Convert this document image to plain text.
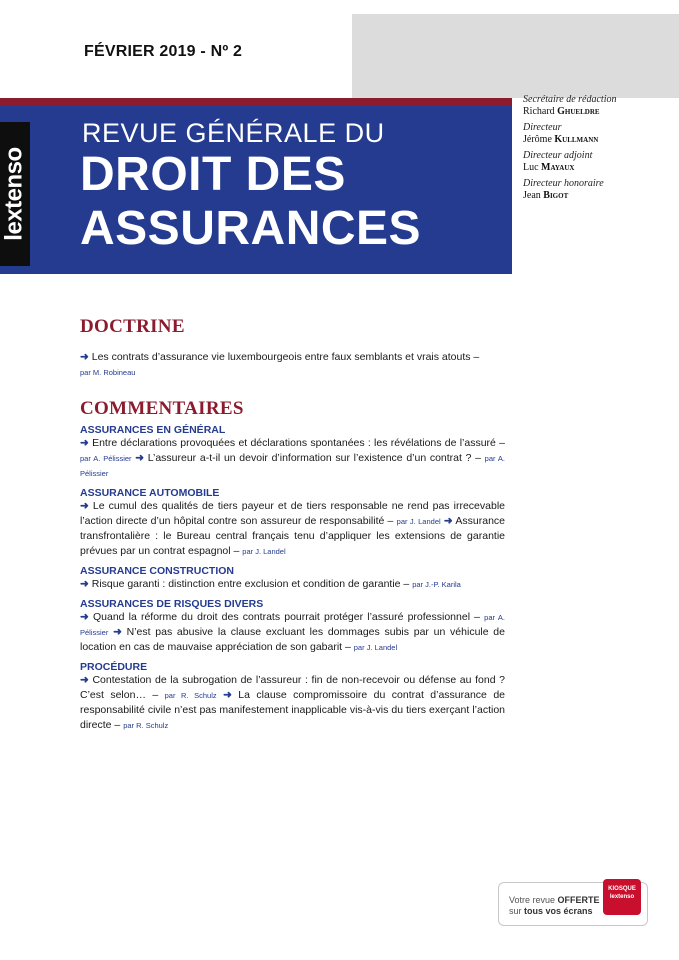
FÉVRIER 2019 - Nº 2
lextenso
REVUE GÉNÉRALE DU
DROIT DES
ASSURANCES
Secrétaire de rédaction
Richard Ghueldre
Directeur
Jérôme Kullmann
Directeur adjoint
Luc Mayaux
Directeur honoraire
Jean Bigot
DOCTRINE
➜ Les contrats d’assurance vie luxembourgeois entre faux semblants et vrais atouts –
par M. Robineau
COMMENTAIRES
ASSURANCES EN GÉNÉRAL
➜ Entre déclarations provoquées et déclarations spontanées : les révélations de l’assuré – par A. Pélissier ➜ L’assureur a-t-il un devoir d’information sur l’existence d’un contrat ? – par A. Pélissier
ASSURANCE AUTOMOBILE
➜ Le cumul des qualités de tiers payeur et de tiers responsable ne rend pas irrecevable l’action directe d’un hôpital contre son assureur de responsabilité – par J. Landel ➜ Assurance transfrontalière : le Bureau central français tenu d’appliquer les extensions de garantie prévues par un contrat espagnol – par J. Landel
ASSURANCE CONSTRUCTION
➜ Risque garanti : distinction entre exclusion et condition de garantie – par J.-P. Karila
ASSURANCES DE RISQUES DIVERS
➜ Quand la réforme du droit des contrats pourrait protéger l’assuré professionnel – par A. Pélissier ➜ N’est pas abusive la clause excluant les dommages subis par un véhicule de location en cas de mauvaise appréciation de son gabarit – par J. Landel
PROCÉDURE
➜ Contestation de la subrogation de l’assureur : fin de non-recevoir ou défense au fond ? C’est selon… – par R. Schulz ➜ La clause compromissoire du contrat d’assurance de responsabilité civile n’est pas manifestement inapplicable vis-à-vis du tiers exerçant l’action directe – par R. Schulz
Votre revue OFFERTE
sur tous vos écrans
KIOSQUE
lextenso
